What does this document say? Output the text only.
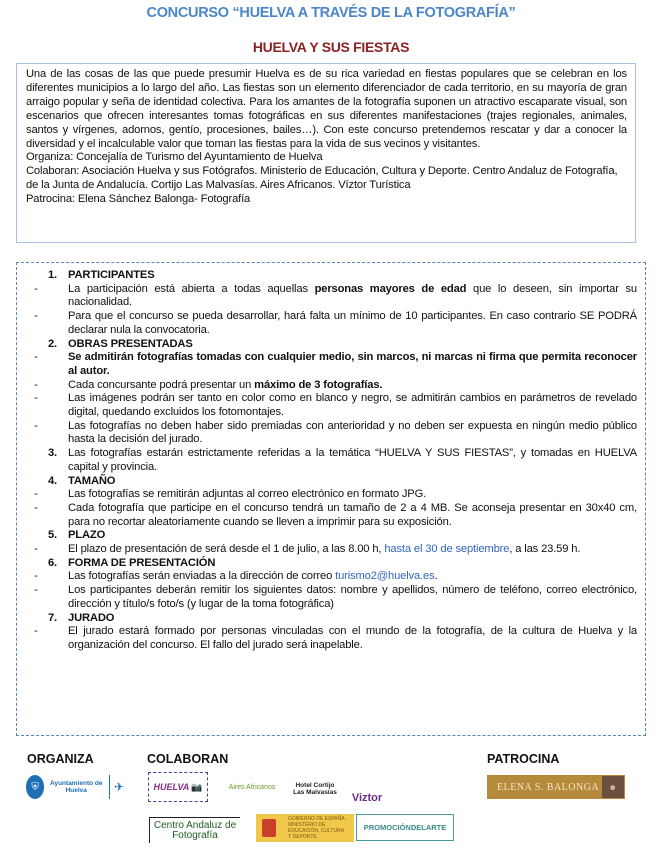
CONCURSO “HUELVA A TRAVÉS DE LA FOTOGRAFÍA”
HUELVA Y SUS FIESTAS

Una de las cosas de las que puede presumir Huelva es de su rica variedad en fiestas populares que se celebran en los diferentes municipios a lo largo del año. Las fiestas son un elemento diferenciador de cada territorio, en su mayoría de gran arraigo popular y seña de identidad colectiva. Para los amantes de la fotografía suponen un atractivo escaparate visual, son escenarios que ofrecen interesantes tomas fotográficas en sus diferentes manifestaciones (trajes regionales, animales, santos y vírgenes, adornos, gentío, procesiones, bailes…). Con este concurso pretendemos rescatar y dar a conocer la diversidad y el incalculable valor que toman las fiestas para la vida de sus vecinos y visitantes.

Organiza: Concejalía de Turismo del Ayuntamiento de Huelva
Colaboran: Asociación Huelva y sus Fotógrafos. Ministerio de Educación, Cultura y Deporte. Centro Andaluz de Fotografía, de la Junta de Andalucía. Cortijo Las Malvasías. Aires Africanos. Víztor Turística
Patrocina: Elena Sánchez Balonga- Fotografía
1. PARTICIPANTES
-	La participación está abierta a todas aquellas personas mayores de edad que lo deseen, sin importar su nacionalidad.
-	Para que el concurso se pueda desarrollar, hará falta un mínimo de 10 participantes. En caso contrario SE PODRÁ declarar nula la convocatoria.
2. OBRAS PRESENTADAS
-	Se admitirán fotografías tomadas con cualquier medio, sin marcos, ni marcas ni firma que permita reconocer al autor.
-	Cada concursante podrá presentar un máximo de 3 fotografías.
-	Las imágenes podrán ser tanto en color como en blanco y negro, se admitirán cambios en parámetros de revelado digital, quedando excluidos los fotomontajes.
-	Las fotografías no deben haber sido premiadas con anterioridad y no deben ser expuesta en ningún medio público hasta la decisión del jurado.
3. Las fotografías estarán estrictamente referidas a la temática “HUELVA Y SUS FIESTAS”, y tomadas en HUELVA capital y provincia.
4. TAMAÑO
-	Las fotografías se remitirán adjuntas al correo electrónico en formato JPG.
-	Cada fotografía que participe en el concurso tendrá un tamaño de 2 a 4 MB. Se aconseja presentar en 30x40 cm, para no recortar aleatoriamente cuando se lleven a imprimir para su exposición.
5. PLAZO
-	El plazo de presentación de será desde el 1 de julio, a las 8.00 h, hasta el 30 de septiembre, a las 23.59 h.
6. FORMA DE PRESENTACIÓN
-	Las fotografías serán enviadas a la dirección de correo turismo2@huelva.es.
-	Los participantes deberán remitir los siguientes datos: nombre y apellidos, número de teléfono, correo electrónico, dirección y título/s foto/s (y lugar de la toma fotográfica)
7. JURADO
-	El jurado estará formado por personas vinculadas con el mundo de la fotografía, de la cultura de Huelva y la organización del concurso. El fallo del jurado será inapelable.
ORGANIZA	COLABORAN	PATROCINA
⛨	Ayuntamiento de Huelva	✈	HUELVA 📷	Aires Africanos	Hotel Cortijo
Las Malvasías Viztor
Centro Andaluz de Fotografía
GOBIERNO DE ESPAÑA · MINISTERIO DE EDUCACIÓN, CULTURA Y DEPORTE
PROMOCIÓNDELARTE
ELENA S. BALONGA	☻
